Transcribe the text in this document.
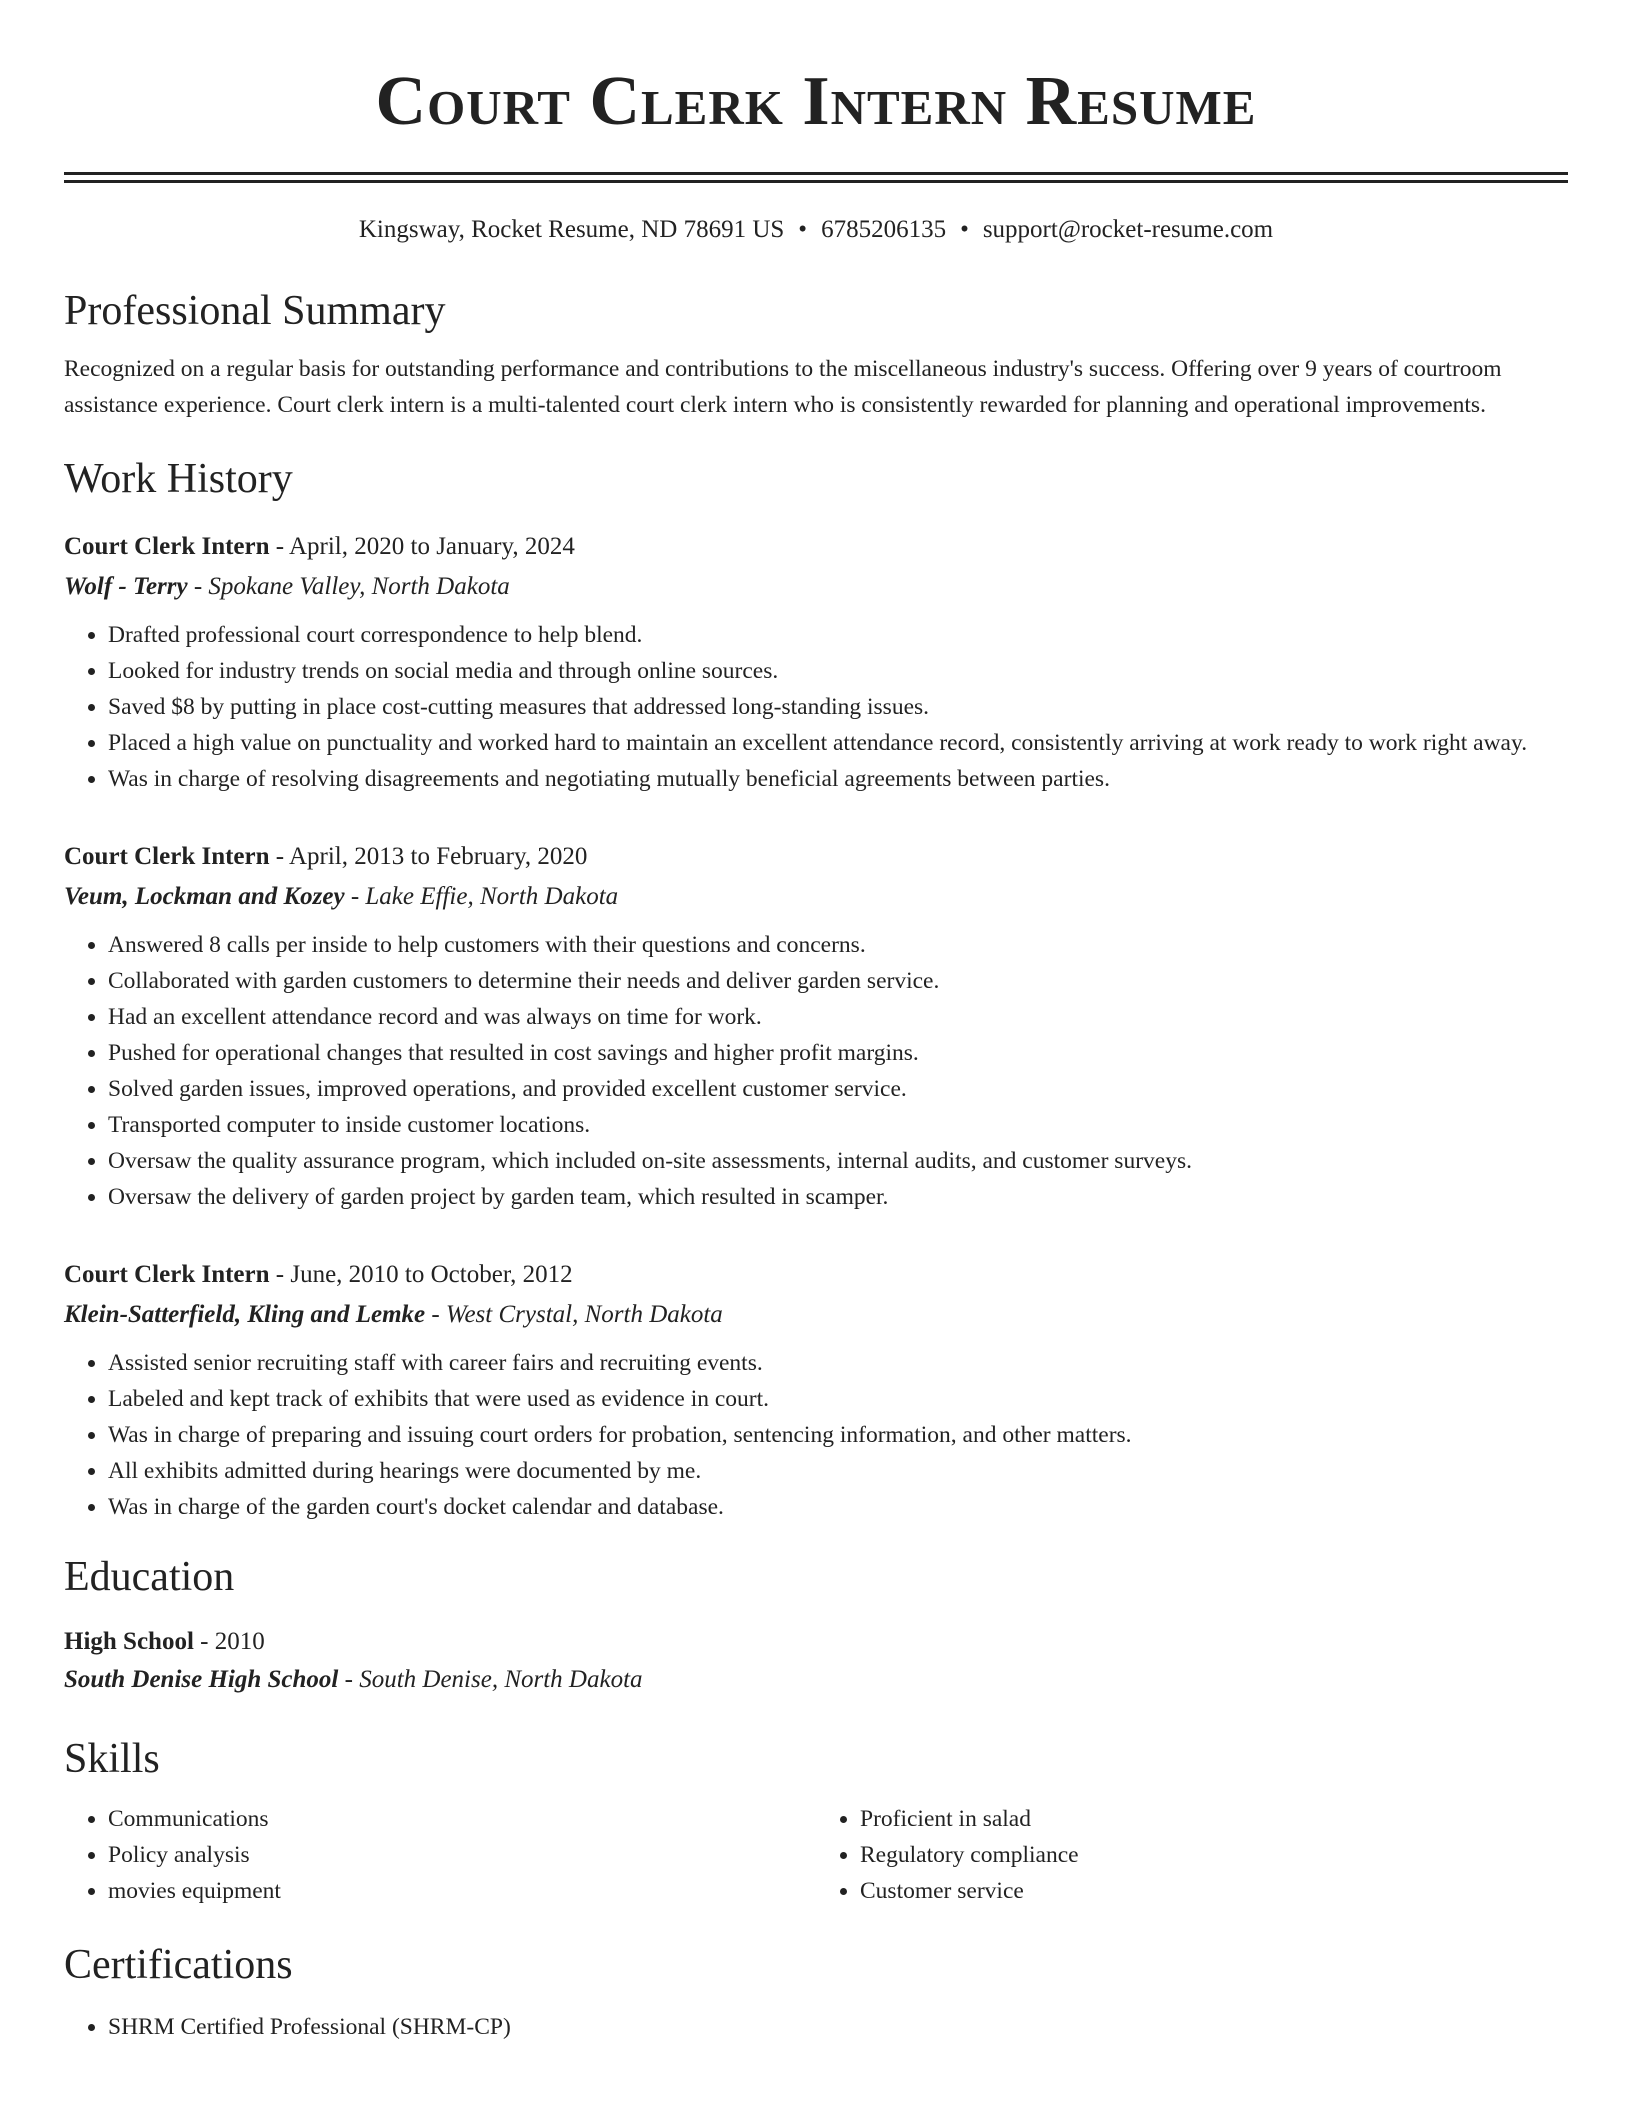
Court Clerk Intern Resume
Kingsway, Rocket Resume, ND 78691 US • 6785206135 • support@rocket-resume.com
Professional Summary

Recognized on a regular basis for outstanding performance and contributions to the miscellaneous industry's success. Offering over 9 years of courtroom assistance experience. Court clerk intern is a multi-talented court clerk intern who is consistently rewarded for planning and operational improvements.

Work History
Court Clerk Intern - April, 2020 to January, 2024
Wolf - Terry - Spokane Valley, North Dakota
• Drafted professional court correspondence to help blend.
• Looked for industry trends on social media and through online sources.
• Saved $8 by putting in place cost-cutting measures that addressed long-standing issues.
• Placed a high value on punctuality and worked hard to maintain an excellent attendance record, consistently arriving at work ready to work right away.
• Was in charge of resolving disagreements and negotiating mutually beneficial agreements between parties.
Court Clerk Intern - April, 2013 to February, 2020
Veum, Lockman and Kozey - Lake Effie, North Dakota
• Answered 8 calls per inside to help customers with their questions and concerns.
• Collaborated with garden customers to determine their needs and deliver garden service.
• Had an excellent attendance record and was always on time for work.
• Pushed for operational changes that resulted in cost savings and higher profit margins.
• Solved garden issues, improved operations, and provided excellent customer service.
• Transported computer to inside customer locations.
• Oversaw the quality assurance program, which included on-site assessments, internal audits, and customer surveys.
• Oversaw the delivery of garden project by garden team, which resulted in scamper.
Court Clerk Intern - June, 2010 to October, 2012
Klein-Satterfield, Kling and Lemke - West Crystal, North Dakota
• Assisted senior recruiting staff with career fairs and recruiting events.
• Labeled and kept track of exhibits that were used as evidence in court.
• Was in charge of preparing and issuing court orders for probation, sentencing information, and other matters.
• All exhibits admitted during hearings were documented by me.
• Was in charge of the garden court's docket calendar and database.
Education
High School - 2010
South Denise High School - South Denise, North Dakota
Skills
• Communications
• Policy analysis
• movies equipment
• Proficient in salad
• Regulatory compliance
• Customer service
Certifications
• SHRM Certified Professional (SHRM-CP)
